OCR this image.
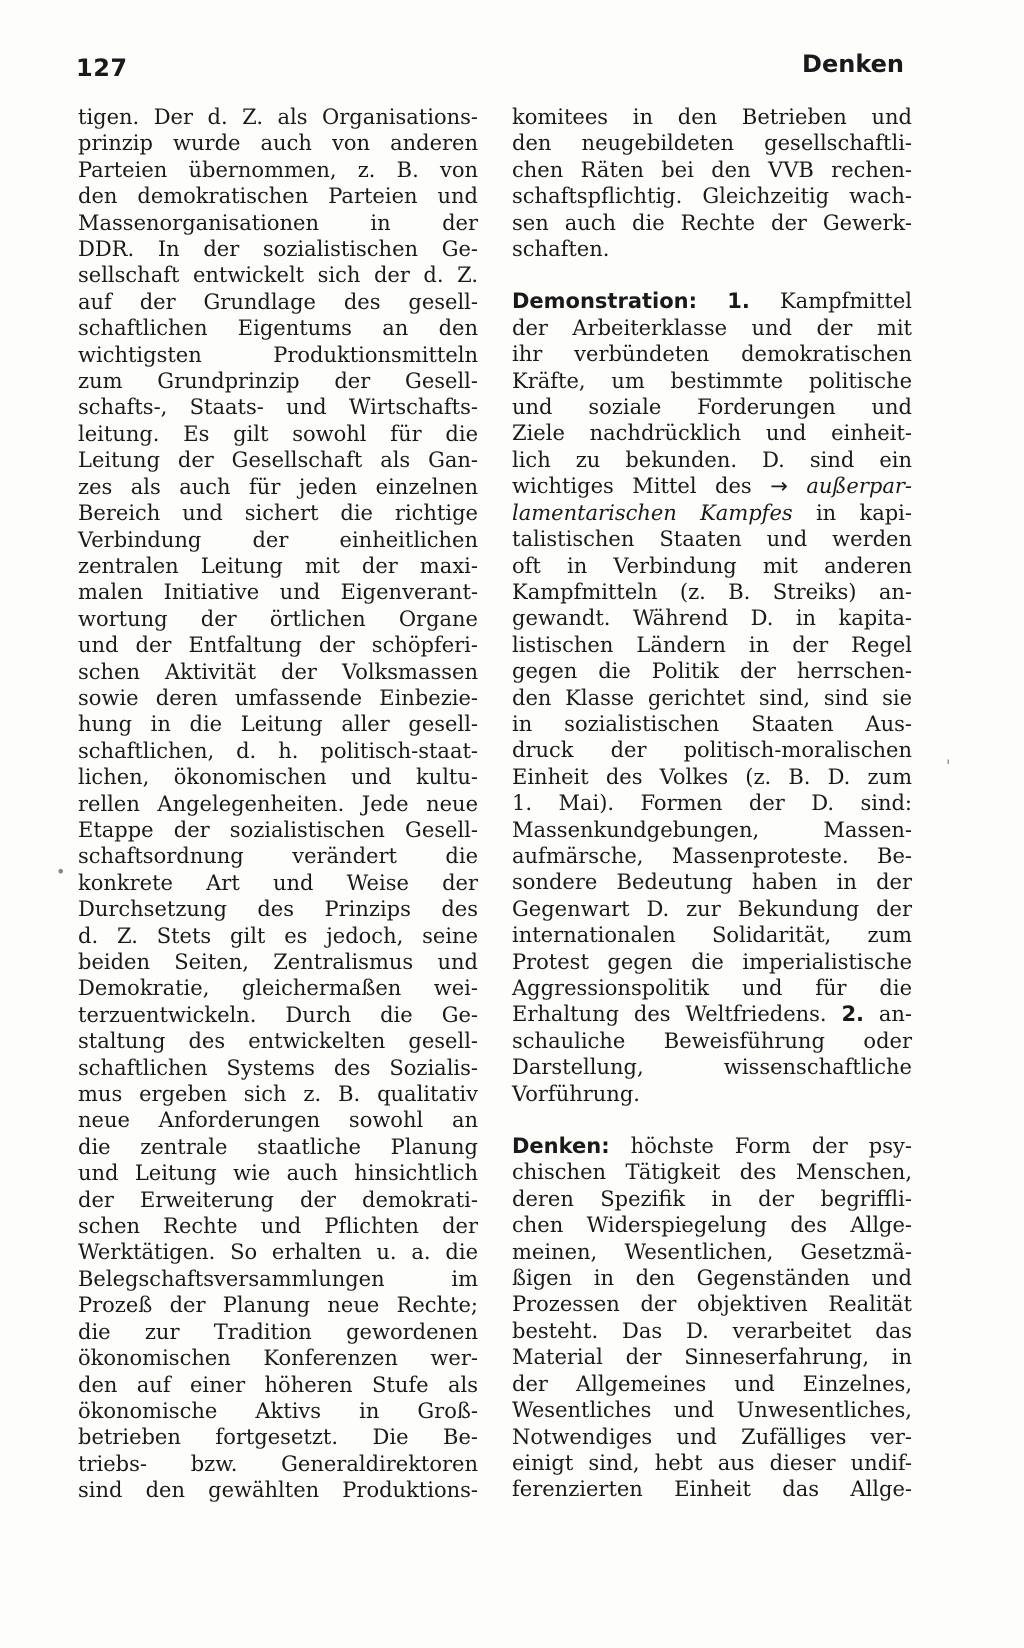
127	Denken
tigen. Der d. Z. als Organisations-
prinzip wurde auch von anderen
Parteien übernommen, z. B. von
den demokratischen Parteien und
Massenorganisationen in der
DDR. In der sozialistischen Ge-
sellschaft entwickelt sich der d. Z.
auf der Grundlage des gesell-
schaftlichen Eigentums an den
wichtigsten Produktionsmitteln
zum Grundprinzip der Gesell-
schafts-, Staats- und Wirtschafts-
leitung. Es gilt sowohl für die
Leitung der Gesellschaft als Gan-
zes als auch für jeden einzelnen
Bereich und sichert die richtige
Verbindung der einheitlichen
zentralen Leitung mit der maxi-
malen Initiative und Eigenverant-
wortung der örtlichen Organe
und der Entfaltung der schöpferi-
schen Aktivität der Volksmassen
sowie deren umfassende Einbezie-
hung in die Leitung aller gesell-
schaftlichen, d. h. politisch-staat-
lichen, ökonomischen und kultu-
rellen Angelegenheiten. Jede neue
Etappe der sozialistischen Gesell-
schaftsordnung verändert die
konkrete Art und Weise der
Durchsetzung des Prinzips des
d. Z. Stets gilt es jedoch, seine
beiden Seiten, Zentralismus und
Demokratie, gleichermaßen wei-
terzuentwickeln. Durch die Ge-
staltung des entwickelten gesell-
schaftlichen Systems des Sozialis-
mus ergeben sich z. B. qualitativ
neue Anforderungen sowohl an
die zentrale staatliche Planung
und Leitung wie auch hinsichtlich
der Erweiterung der demokrati-
schen Rechte und Pflichten der
Werktätigen. So erhalten u. a. die
Belegschaftsversammlungen im
Prozeß der Planung neue Rechte;
die zur Tradition gewordenen
ökonomischen Konferenzen wer-
den auf einer höheren Stufe als
ökonomische Aktivs in Groß-
betrieben fortgesetzt. Die Be-
triebs- bzw. Generaldirektoren
sind den gewählten Produktions-

komitees in den Betrieben und
den neugebildeten gesellschaftli-
chen Räten bei den VVB rechen-
schaftspflichtig. Gleichzeitig wach-
sen auch die Rechte der Gewerk-
schaften.

Demonstration: 1. Kampfmittel
der Arbeiterklasse und der mit
ihr verbündeten demokratischen
Kräfte, um bestimmte politische
und soziale Forderungen und
Ziele nachdrücklich und einheit-
lich zu bekunden. D. sind ein
wichtiges Mittel des → außerpar-
lamentarischen Kampfes in kapi-
talistischen Staaten und werden
oft in Verbindung mit anderen
Kampfmitteln (z. B. Streiks) an-
gewandt. Während D. in kapita-
listischen Ländern in der Regel
gegen die Politik der herrschen-
den Klasse gerichtet sind, sind sie
in sozialistischen Staaten Aus-
druck der politisch-moralischen
Einheit des Volkes (z. B. D. zum
1. Mai). Formen der D. sind:
Massenkundgebungen, Massen-
aufmärsche, Massenproteste. Be-
sondere Bedeutung haben in der
Gegenwart D. zur Bekundung der
internationalen Solidarität, zum
Protest gegen die imperialistische
Aggressionspolitik und für die
Erhaltung des Weltfriedens. 2. an-
schauliche Beweisführung oder
Darstellung, wissenschaftliche
Vorführung.
Denken: höchste Form der psy-
chischen Tätigkeit des Menschen,
deren Spezifik in der begriffli-
chen Widerspiegelung des Allge-
meinen, Wesentlichen, Gesetzmä-
ßigen in den Gegenständen und
Prozessen der objektiven Realität
besteht. Das D. verarbeitet das
Material der Sinneserfahrung, in
der Allgemeines und Einzelnes,
Wesentliches und Unwesentliches,
Notwendiges und Zufälliges ver-
einigt sind, hebt aus dieser undif-
ferenzierten Einheit das Allge-
•
'
